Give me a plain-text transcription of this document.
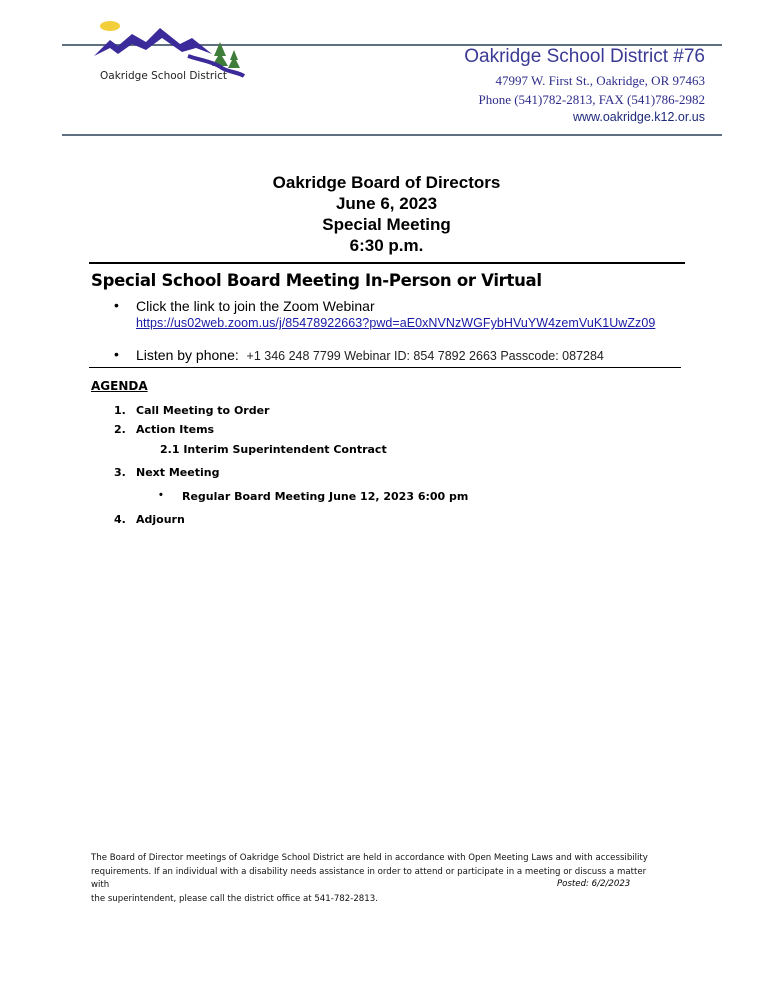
Oakridge School District
Oakridge School District #76
47997 W. First St., Oakridge, OR 97463
Phone (541)782-2813, FAX (541)786-2982
www.oakridge.k12.or.us
Oakridge Board of Directors
June 6, 2023
Special Meeting
6:30 p.m.
Special School Board Meeting In-Person or Virtual
• Click the link to join the Zoom Webinar
https://us02web.zoom.us/j/85478922663?pwd=aE0xNVNzWGFybHVuYW4zemVuK1UwZz09
• Listen by phone: +1 346 248 7799 Webinar ID: 854 7892 2663 Passcode: 087284
AGENDA
1. Call Meeting to Order
2. Action Items
2.1 Interim Superintendent Contract
3. Next Meeting
• Regular Board Meeting June 12, 2023 6:00 pm
4. Adjourn
The Board of Director meetings of Oakridge School District are held in accordance with Open Meeting Laws and with accessibility
requirements. If an individual with a disability needs assistance in order to attend or participate in a meeting or discuss a matter with
the superintendent, please call the district office at 541-782-2813.
Posted: 6/2/2023
